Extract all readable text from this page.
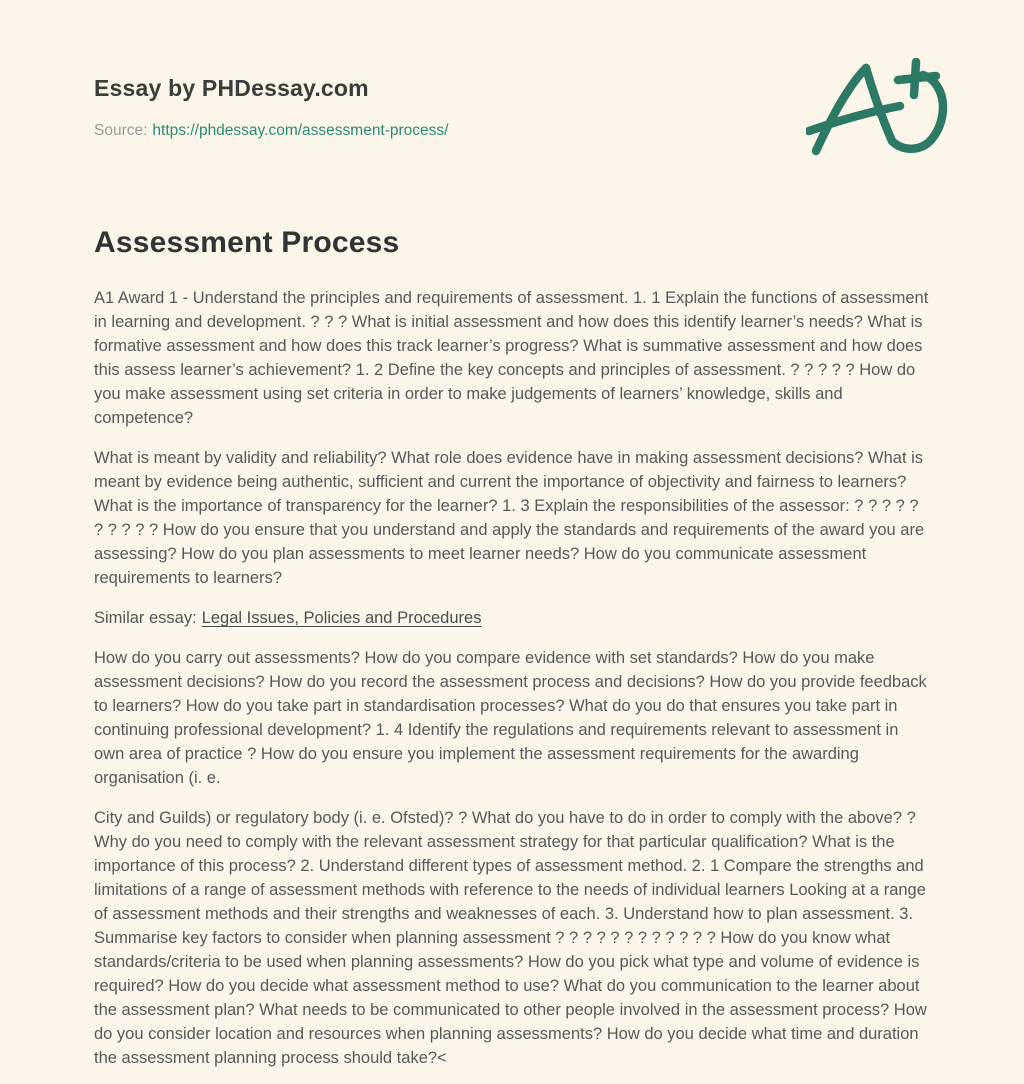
Essay by PHDessay.com
Source: https://phdessay.com/assessment-process/
Assessment Process

A1 Award 1 - Understand the principles and requirements of assessment. 1. 1 Explain the functions of assessment in learning and development. ? ? ? What is initial assessment and how does this identify learner’s needs? What is formative assessment and how does this track learner’s progress? What is summative assessment and how does this assess learner’s achievement? 1. 2 Define the key concepts and principles of assessment. ? ? ? ? ? How do you make assessment using set criteria in order to make judgements of learners’ knowledge, skills and competence?

What is meant by validity and reliability? What role does evidence have in making assessment decisions? What is meant by evidence being authentic, sufficient and current the importance of objectivity and fairness to learners? What is the importance of transparency for the learner? 1. 3 Explain the responsibilities of the assessor: ? ? ? ? ? ? ? ? ? ? How do you ensure that you understand and apply the standards and requirements of the award you are assessing? How do you plan assessments to meet learner needs? How do you communicate assessment requirements to learners?

Similar essay: Legal Issues, Policies and Procedures

How do you carry out assessments? How do you compare evidence with set standards? How do you make assessment decisions? How do you record the assessment process and decisions? How do you provide feedback to learners? How do you take part in standardisation processes? What do you do that ensures you take part in continuing professional development? 1. 4 Identify the regulations and requirements relevant to assessment in own area of practice ? How do you ensure you implement the assessment requirements for the awarding organisation (i. e.

City and Guilds) or regulatory body (i. e. Ofsted)? ? What do you have to do in order to comply with the above? ? Why do you need to comply with the relevant assessment strategy for that particular qualification? What is the importance of this process? 2. Understand different types of assessment method. 2. 1 Compare the strengths and limitations of a range of assessment methods with reference to the needs of individual learners Looking at a range of assessment methods and their strengths and weaknesses of each. 3. Understand how to plan assessment. 3. Summarise key factors to consider when planning assessment ? ? ? ? ? ? ? ? ? ? ? ? How do you know what standards/criteria to be used when planning assessments? How do you pick what type and volume of evidence is required? How do you decide what assessment method to use? What do you communication to the learner about the assessment plan? What needs to be communicated to other people involved in the assessment process? How do you consider location and resources when planning assessments? How do you decide what time and duration the assessment planning process should take?<
